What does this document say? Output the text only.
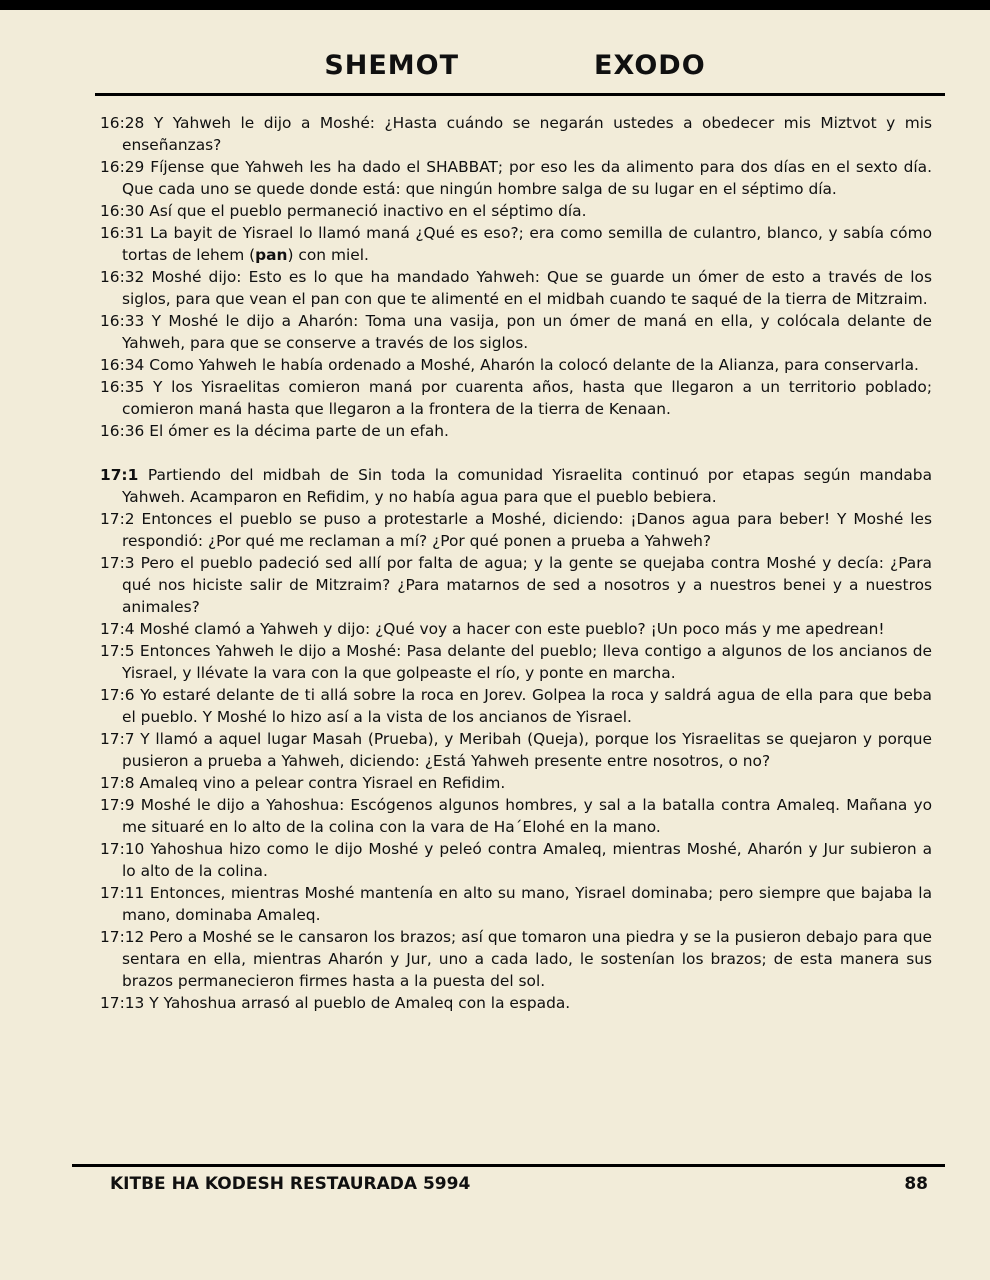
SHEMOT	EXODO

16:28 Y Yahweh le dijo a Moshé: ¿Hasta cuándo se negarán ustedes a obedecer mis Miztvot y mis enseñanzas?

16:29 Fíjense que Yahweh les ha dado el SHABBAT; por eso les da alimento para dos días en el sexto día. Que cada uno se quede donde está: que ningún hombre salga de su lugar en el séptimo día.

16:30 Así que el pueblo permaneció inactivo en el séptimo día.

16:31 La bayit de Yisrael lo llamó maná ¿Qué es eso?; era como semilla de culantro, blanco, y sabía cómo tortas de lehem (pan) con miel.

16:32 Moshé dijo: Esto es lo que ha mandado Yahweh: Que se guarde un ómer de esto a través de los siglos, para que vean el pan con que te alimenté en el midbah cuando te saqué de la tierra de Mitzraim.

16:33 Y Moshé le dijo a Aharón: Toma una vasija, pon un ómer de maná en ella, y colócala delante de Yahweh, para que se conserve a través de los siglos.

16:34 Como Yahweh le había ordenado a Moshé, Aharón la colocó delante de la Alianza, para conservarla.

16:35 Y los Yisraelitas comieron maná por cuarenta años, hasta que llegaron a un territorio poblado; comieron maná hasta que llegaron a la frontera de la tierra de Kenaan.

16:36 El ómer es la décima parte de un efah.

17:1 Partiendo del midbah de Sin toda la comunidad Yisraelita continuó por etapas según mandaba Yahweh. Acamparon en Refidim, y no había agua para que el pueblo bebiera.

17:2 Entonces el pueblo se puso a protestarle a Moshé, diciendo: ¡Danos agua para beber! Y Moshé les respondió: ¿Por qué me reclaman a mí? ¿Por qué ponen a prueba a Yahweh?

17:3 Pero el pueblo padeció sed allí por falta de agua; y la gente se quejaba contra Moshé y decía: ¿Para qué nos hiciste salir de Mitzraim? ¿Para matarnos de sed a nosotros y a nuestros benei y a nuestros animales?

17:4 Moshé clamó a Yahweh y dijo: ¿Qué voy a hacer con este pueblo? ¡Un poco más y me apedrean!

17:5 Entonces Yahweh le dijo a Moshé: Pasa delante del pueblo; lleva contigo a algunos de los ancianos de Yisrael, y llévate la vara con la que golpeaste el río, y ponte en marcha.

17:6 Yo estaré delante de ti allá sobre la roca en Jorev. Golpea la roca y saldrá agua de ella para que beba el pueblo. Y Moshé lo hizo así a la vista de los ancianos de Yisrael.

17:7 Y llamó a aquel lugar Masah (Prueba), y Meribah (Queja), porque los Yisraelitas se quejaron y porque pusieron a prueba a Yahweh, diciendo: ¿Está Yahweh presente entre nosotros, o no?

17:8 Amaleq vino a pelear contra Yisrael en Refidim.

17:9 Moshé le dijo a Yahoshua: Escógenos algunos hombres, y sal a la batalla contra Amaleq. Mañana yo me situaré en lo alto de la colina con la vara de Ha´Elohé en la mano.

17:10 Yahoshua hizo como le dijo Moshé y peleó contra Amaleq, mientras Moshé, Aharón y Jur subieron a lo alto de la colina.

17:11 Entonces, mientras Moshé mantenía en alto su mano, Yisrael dominaba; pero siempre que bajaba la mano, dominaba Amaleq.

17:12 Pero a Moshé se le cansaron los brazos; así que tomaron una piedra y se la pusieron debajo para que sentara en ella, mientras Aharón y Jur, uno a cada lado, le sostenían los brazos; de esta manera sus brazos permanecieron firmes hasta a la puesta del sol.

17:13 Y Yahoshua arrasó al pueblo de Amaleq con la espada.

KITBE HA KODESH RESTAURADA 5994	88
